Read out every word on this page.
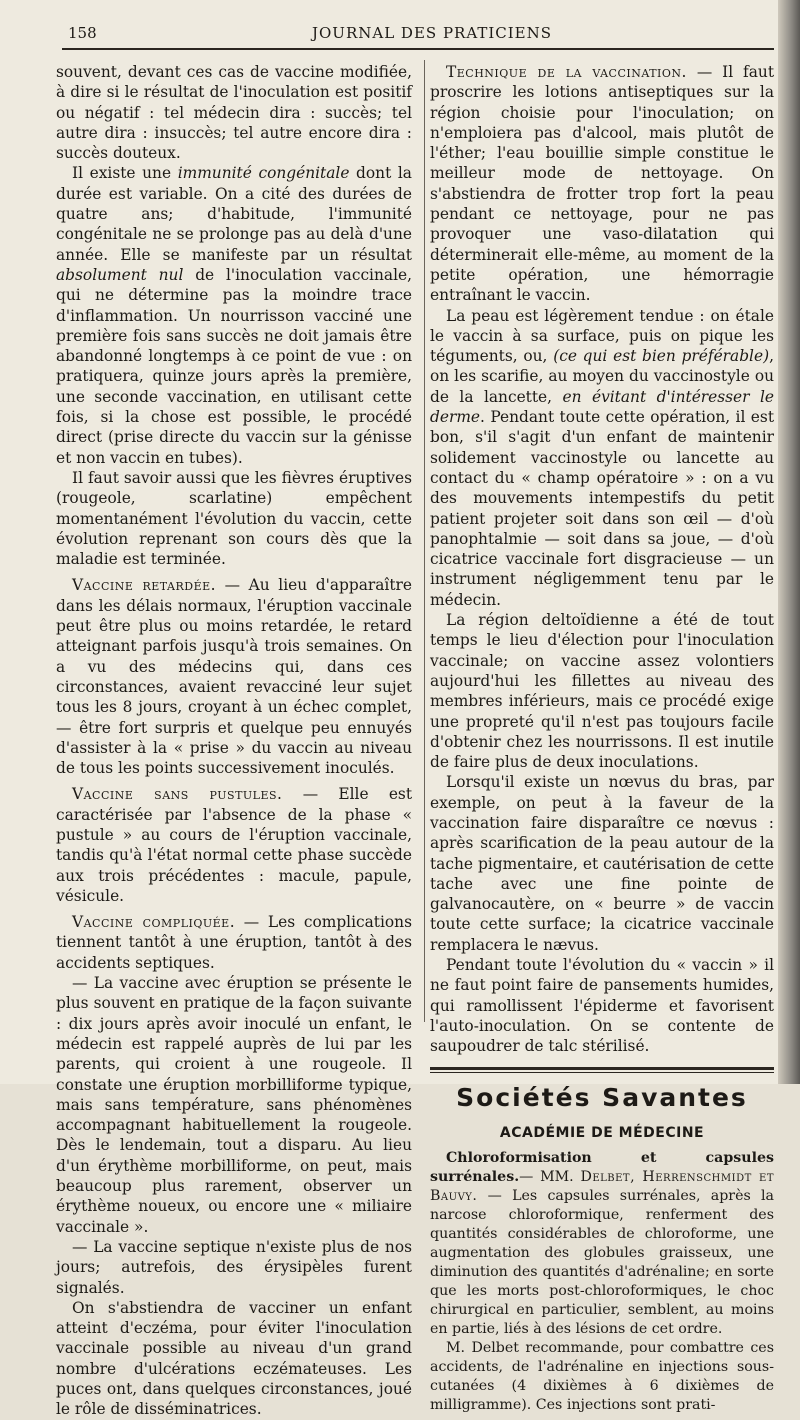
158	JOURNAL DES PRATICIENS

souvent, devant ces cas de vaccine modifiée, à dire si le résultat de l'inoculation est positif ou négatif : tel médecin dira : succès; tel autre dira : insuccès; tel autre encore dira : succès douteux.

Il existe une immunité congénitale dont la durée est variable. On a cité des durées de quatre ans; d'habitude, l'immunité congénitale ne se prolonge pas au delà d'une année. Elle se manifeste par un résultat absolument nul de l'inoculation vaccinale, qui ne détermine pas la moindre trace d'inflammation. Un nourrisson vacciné une première fois sans succès ne doit jamais être abandonné longtemps à ce point de vue : on pratiquera, quinze jours après la première, une seconde vaccination, en utilisant cette fois, si la chose est possible, le procédé direct (prise directe du vaccin sur la génisse et non vaccin en tubes).

Il faut savoir aussi que les fièvres éruptives (rougeole, scarlatine) empêchent momentanément l'évolution du vaccin, cette évolution reprenant son cours dès que la maladie est terminée.

Vaccine retardée. — Au lieu d'apparaître dans les délais normaux, l'éruption vaccinale peut être plus ou moins retardée, le retard atteignant parfois jusqu'à trois semaines. On a vu des médecins qui, dans ces circonstances, avaient revacciné leur sujet tous les 8 jours, croyant à un échec complet, — être fort surpris et quelque peu ennuyés d'assister à la « prise » du vaccin au niveau de tous les points successivement inoculés.

Vaccine sans pustules. — Elle est caractérisée par l'absence de la phase « pustule » au cours de l'éruption vaccinale, tandis qu'à l'état normal cette phase succède aux trois précédentes : macule, papule, vésicule.

Vaccine compliquée. — Les complications tiennent tantôt à une éruption, tantôt à des accidents septiques.

— La vaccine avec éruption se présente le plus souvent en pratique de la façon suivante : dix jours après avoir inoculé un enfant, le médecin est rappelé auprès de lui par les parents, qui croient à une rougeole. Il constate une éruption morbilliforme typique, mais sans température, sans phénomènes accompagnant habituellement la rougeole. Dès le lendemain, tout a disparu. Au lieu d'un érythème morbilliforme, on peut, mais beaucoup plus rarement, observer un érythème noueux, ou encore une « miliaire vaccinale ».

— La vaccine septique n'existe plus de nos jours; autrefois, des érysipèles furent signalés.

On s'abstiendra de vacciner un enfant atteint d'eczéma, pour éviter l'inoculation vaccinale possible au niveau d'un grand nombre d'ulcérations eczémateuses. Les puces ont, dans quelques circonstances, joué le rôle de disséminatrices.

Technique de la vaccination. — Il faut proscrire les lotions antiseptiques sur la région choisie pour l'inoculation; on n'emploiera pas d'alcool, mais plutôt de l'éther; l'eau bouillie simple constitue le meilleur mode de nettoyage. On s'abstiendra de frotter trop fort la peau pendant ce nettoyage, pour ne pas provoquer une vaso-dilatation qui déterminerait elle-même, au moment de la petite opération, une hémorragie entraînant le vaccin.

La peau est légèrement tendue : on étale le vaccin à sa surface, puis on pique les téguments, ou, (ce qui est bien préférable), on les scarifie, au moyen du vaccinostyle ou de la lancette, en évitant d'intéresser le derme. Pendant toute cette opération, il est bon, s'il s'agit d'un enfant de maintenir solidement vaccinostyle ou lancette au contact du « champ opératoire » : on a vu des mouvements intempestifs du petit patient projeter soit dans son œil — d'où panophtalmie — soit dans sa joue, — d'où cicatrice vaccinale fort disgracieuse — un instrument négligemment tenu par le médecin.

La région deltoïdienne a été de tout temps le lieu d'élection pour l'inoculation vaccinale; on vaccine assez volontiers aujourd'hui les fillettes au niveau des membres inférieurs, mais ce procédé exige une propreté qu'il n'est pas toujours facile d'obtenir chez les nourrissons. Il est inutile de faire plus de deux inoculations.

Lorsqu'il existe un nœvus du bras, par exemple, on peut à la faveur de la vaccination faire disparaître ce nœvus : après scarification de la peau autour de la tache pigmentaire, et cautérisation de cette tache avec une fine pointe de galvanocautère, on « beurre » de vaccin toute cette surface; la cicatrice vaccinale remplacera le nævus.

Pendant toute l'évolution du « vaccin » il ne faut point faire de pansements humides, qui ramollissent l'épiderme et favorisent l'auto-inoculation. On se contente de saupoudrer de talc stérilisé.

Sociétés Savantes
ACADÉMIE DE MÉDECINE

Chloroformisation et capsules surrénales.— MM. Delbet, Herrenschmidt et Bauvy. — Les capsules surrénales, après la narcose chloroformique, renferment des quantités considérables de chloroforme, une augmentation des globules graisseux, une diminution des quantités d'adrénaline; en sorte que les morts post-chloroformiques, le choc chirurgical en particulier, semblent, au moins en partie, liés à des lésions de cet ordre.

M. Delbet recommande, pour combattre ces accidents, de l'adrénaline en injections sous-cutanées (4 dixièmes à 6 dixièmes de milligramme). Ces injections sont prati-
